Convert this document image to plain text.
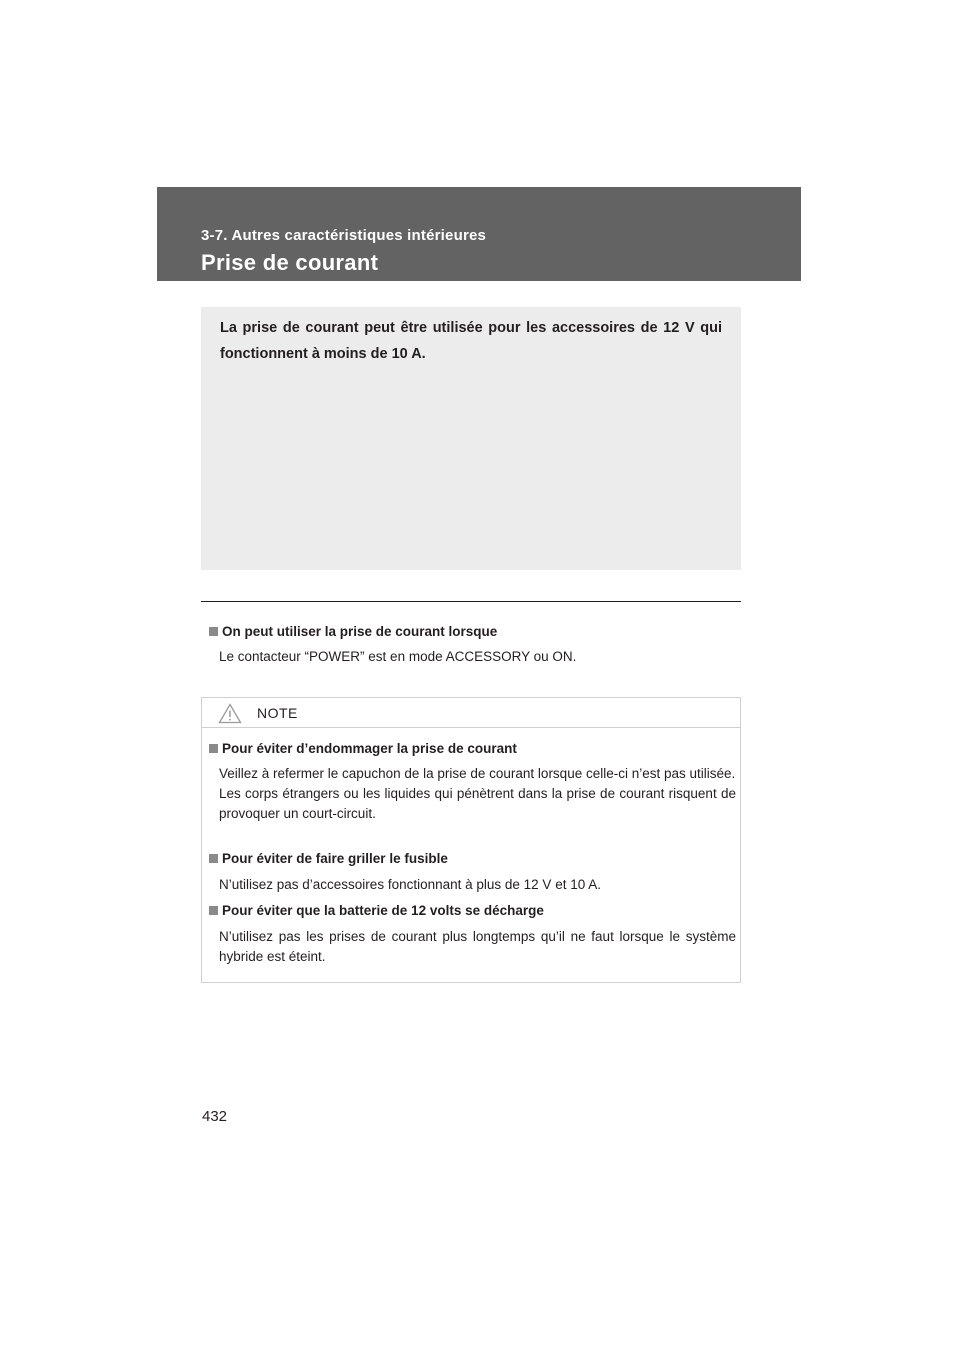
3-7. Autres caractéristiques intérieures
Prise de courant

La prise de courant peut être utilisée pour les accessoires de 12 V qui fonctionnent à moins de 10 A.

On peut utiliser la prise de courant lorsque
Le contacteur “POWER” est en mode ACCESSORY ou ON.
NOTE
Pour éviter d’endommager la prise de courant
Veillez à refermer le capuchon de la prise de courant lorsque celle-ci n’est pas utilisée.
Les corps étrangers ou les liquides qui pénètrent dans la prise de courant risquent de provoquer un court-circuit.
Pour éviter de faire griller le fusible
N’utilisez pas d’accessoires fonctionnant à plus de 12 V et 10 A.
Pour éviter que la batterie de 12 volts se décharge
N’utilisez pas les prises de courant plus longtemps qu’il ne faut lorsque le système hybride est éteint.
432
